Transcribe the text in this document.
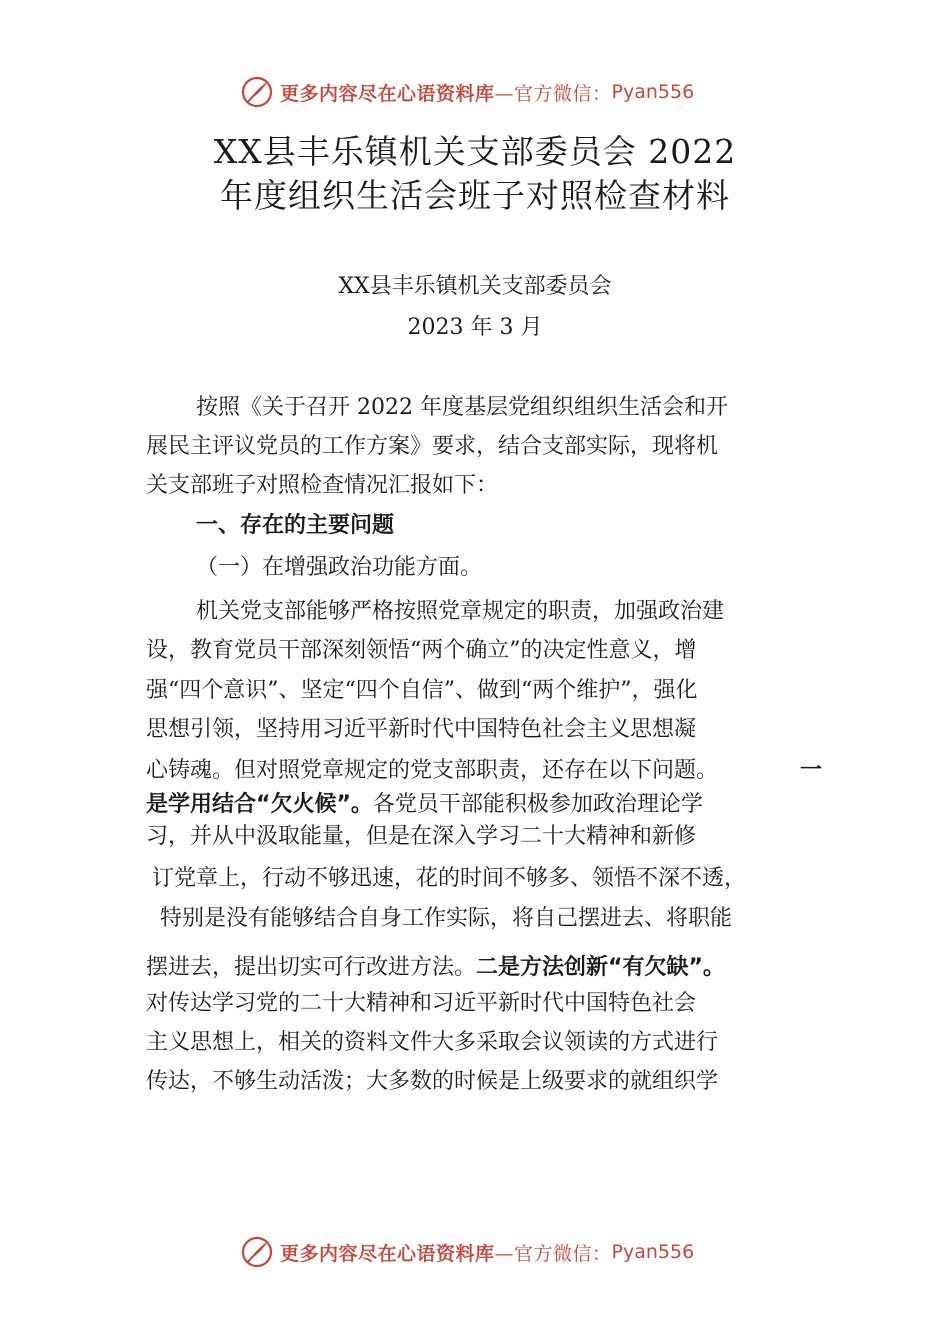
更多内容尽在心语资料库 —官方微信： Pyan556
XX县丰乐镇机关支部委员会 2022
年度组织生活会班子对照检查材料
XX县丰乐镇机关支部委员会
2023 年 3 月
按照《关于召开 2022 年度基层党组织组织生活会和开
展民主评议党员的工作方案》要求，结合支部实际，现将机
关支部班子对照检查情况汇报如下：
一、存在的主要问题
（一）在增强政治功能方面。
机关党支部能够严格按照党章规定的职责，加强政治建
设，教育党员干部深刻领悟“两个确立”的决定性意义，增
强“四个意识”、坚定“四个自信”、做到“两个维护”，强化
思想引领，坚持用习近平新时代中国特色社会主义思想凝
心铸魂。但对照党章规定的党支部职责，还存在以下问题。	一
是学用结合“欠火候”。各党员干部能积极参加政治理论学
习，并从中汲取能量，但是在深入学习二十大精神和新修
订党章上，行动不够迅速，花的时间不够多、领悟不深不透，
特别是没有能够结合自身工作实际，将自己摆进去、将职能
摆进去，提出切实可行改进方法。二是方法创新“有欠缺”。
对传达学习党的二十大精神和习近平新时代中国特色社会
主义思想上，相关的资料文件大多采取会议领读的方式进行
传达，不够生动活泼；大多数的时候是上级要求的就组织学
更多内容尽在心语资料库 —官方微信： Pyan556
